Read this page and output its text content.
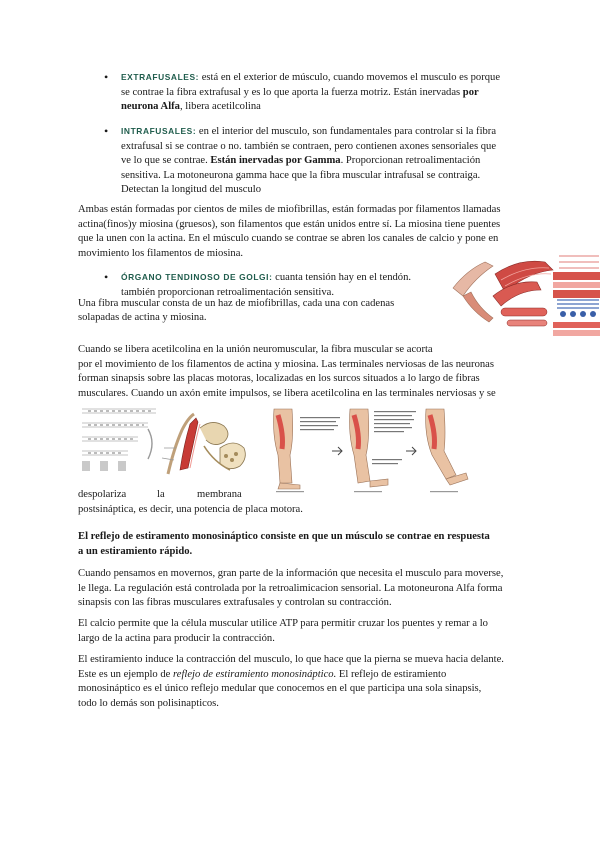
• EXTRAFUSALES: está en el exterior de músculo, cuando movemos el musculo es porque
se contrae la fibra extrafusal y es lo que aporta la fuerza motriz. Están inervadas por
neurona Alfa, libera acetilcolina
• INTRAFUSALES: en el interior del musculo, son fundamentales para controlar si la fibra
extrafusal si se contrae o no. también se contraen, pero contienen axones sensoriales que
ve lo que se contrae. Están inervadas por Gamma. Proporcionan retroalimentación
sensitiva. La motoneurona gamma hace que la fibra muscular intrafusal se contraiga.
Detectan la longitud del musculo
Ambas están formadas por cientos de miles de miofibrillas, están formadas por filamentos llamadas
actina(finos)y miosina (gruesos), son filamentos que están unidos entre sí. La miosina tiene puentes
que la unen con la actina. En el músculo cuando se contrae se abren los canales de calcio y pone en
movimiento los filamentos de miosina.
• ÓRGANO TENDINOSO DE GOLGI: cuanta tensión hay en el tendón.
también proporcionan retroalimentación sensitiva.
Una fibra muscular consta de un haz de miofibrillas, cada una con cadenas
solapadas de actina y miosina.
Cuando se libera acetilcolina en la unión neuromuscular, la fibra muscular se acorta
por el movimiento de los filamentos de actina y miosina. Las terminales nerviosas de las neuronas
forman sinapsis sobre las placas motoras, localizadas en los surcos situados a lo largo de fibras
musculares. Cuando un axón emite impulsos, se libera acetilcolina en las terminales nerviosas y se
despolariza	la	membrana
postsináptica, es decir, una potencia de placa motora.
El reflejo de estiramento monosináptico consiste en que un músculo se contrae en respuesta
a un estiramiento rápido.
Cuando pensamos en movernos, gran parte de la información que necesita el musculo para moverse,
le llega. La regulación está controlada por la retroalimicacion sensorial. La motoneurona Alfa forma
sinapsis con las fibras musculares extrafusales y controlan su contracción.
El calcio permite que la célula muscular utilice ATP para permitir cruzar los puentes y remar a lo
largo de la actina para producir la contracción.
El estiramiento induce la contracción del musculo, lo que hace que la pierna se mueva hacia delante.
Este es un ejemplo de reflejo de estiramiento monosináptico. El reflejo de estiramiento
monosináptico es el único reflejo medular que conocemos en el que participa una sola sinapsis,
todo lo demás son polisinapticos.
